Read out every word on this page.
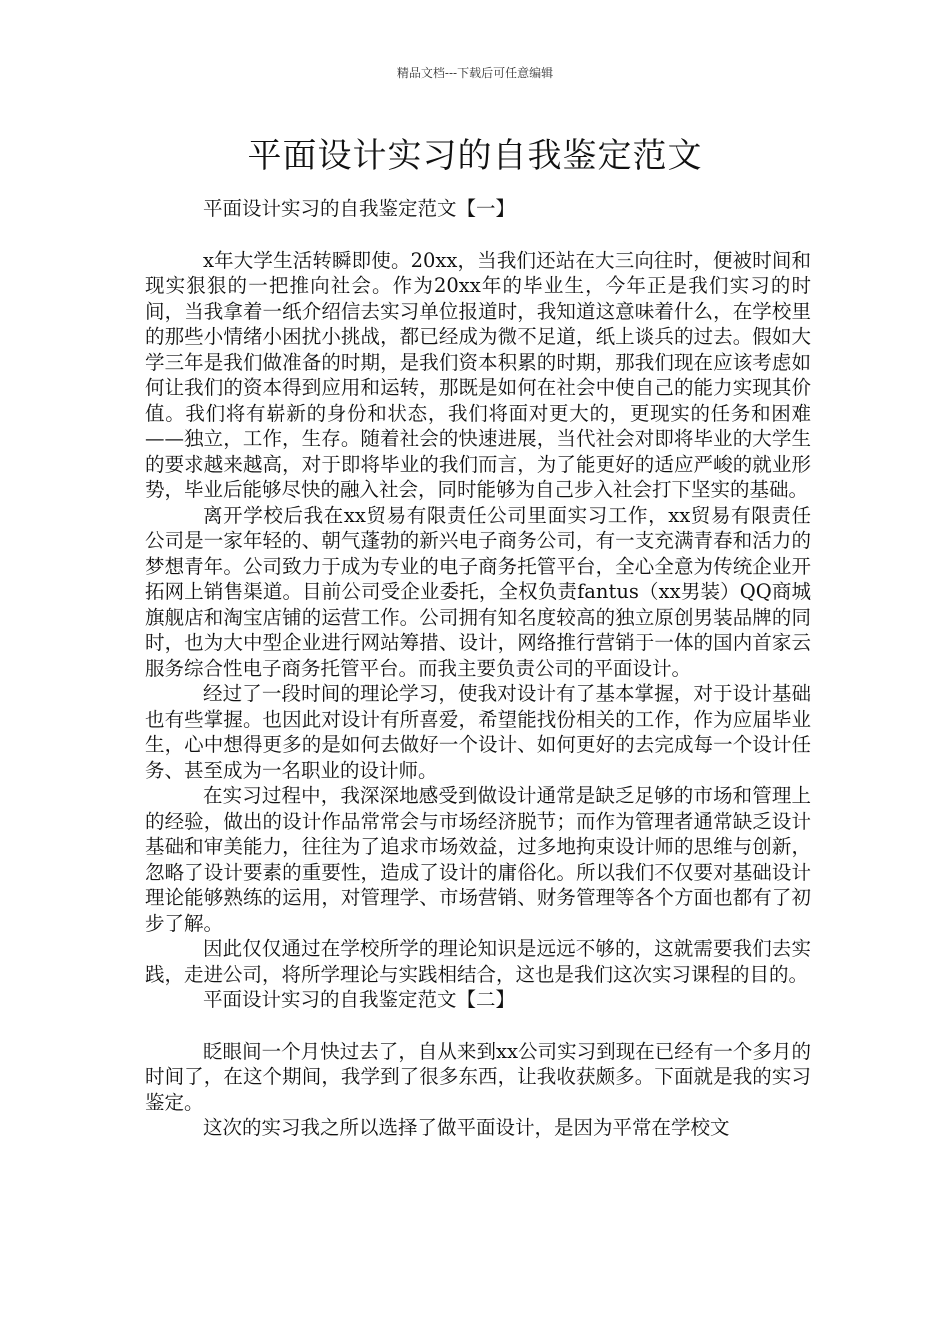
精品文档---下载后可任意编辑
平面设计实习的自我鉴定范文
平面设计实习的自我鉴定范文【一】

x年大学生活转瞬即使。20xx，当我们还站在大三向往时，便被时间和现实狠狠的一把推向社会。作为20xx年的毕业生，今年正是我们实习的时间，当我拿着一纸介绍信去实习单位报道时，我知道这意味着什么，在学校里的那些小情绪小困扰小挑战，都已经成为微不足道，纸上谈兵的过去。假如大学三年是我们做准备的时期，是我们资本积累的时期，那我们现在应该考虑如何让我们的资本得到应用和运转，那既是如何在社会中使自己的能力实现其价值。我们将有崭新的身份和状态，我们将面对更大的，更现实的任务和困难——独立，工作，生存。随着社会的快速进展，当代社会对即将毕业的大学生的要求越来越高，对于即将毕业的我们而言，为了能更好的适应严峻的就业形势，毕业后能够尽快的融入社会，同时能够为自己步入社会打下坚实的基础。

离开学校后我在xx贸易有限责任公司里面实习工作，xx贸易有限责任公司是一家年轻的、朝气蓬勃的新兴电子商务公司，有一支充满青春和活力的梦想青年。公司致力于成为专业的电子商务托管平台，全心全意为传统企业开拓网上销售渠道。目前公司受企业委托，全权负责fantus（xx男装）QQ商城旗舰店和淘宝店铺的运营工作。公司拥有知名度较高的独立原创男装品牌的同时，也为大中型企业进行网站筹措、设计，网络推行营销于一体的国内首家云服务综合性电子商务托管平台。而我主要负责公司的平面设计。

经过了一段时间的理论学习，使我对设计有了基本掌握，对于设计基础也有些掌握。也因此对设计有所喜爱，希望能找份相关的工作，作为应届毕业生，心中想得更多的是如何去做好一个设计、如何更好的去完成每一个设计任务、甚至成为一名职业的设计师。

在实习过程中，我深深地感受到做设计通常是缺乏足够的市场和管理上的经验，做出的设计作品常常会与市场经济脱节；而作为管理者通常缺乏设计基础和审美能力，往往为了追求市场效益，过多地拘束设计师的思维与创新，忽略了设计要素的重要性，造成了设计的庸俗化。所以我们不仅要对基础设计理论能够熟练的运用，对管理学、市场营销、财务管理等各个方面也都有了初步了解。

因此仅仅通过在学校所学的理论知识是远远不够的，这就需要我们去实践，走进公司，将所学理论与实践相结合，这也是我们这次实习课程的目的。

平面设计实习的自我鉴定范文【二】

眨眼间一个月快过去了，自从来到xx公司实习到现在已经有一个多月的时间了，在这个期间，我学到了很多东西，让我收获颇多。下面就是我的实习鉴定。

这次的实习我之所以选择了做平面设计，是因为平常在学校文
